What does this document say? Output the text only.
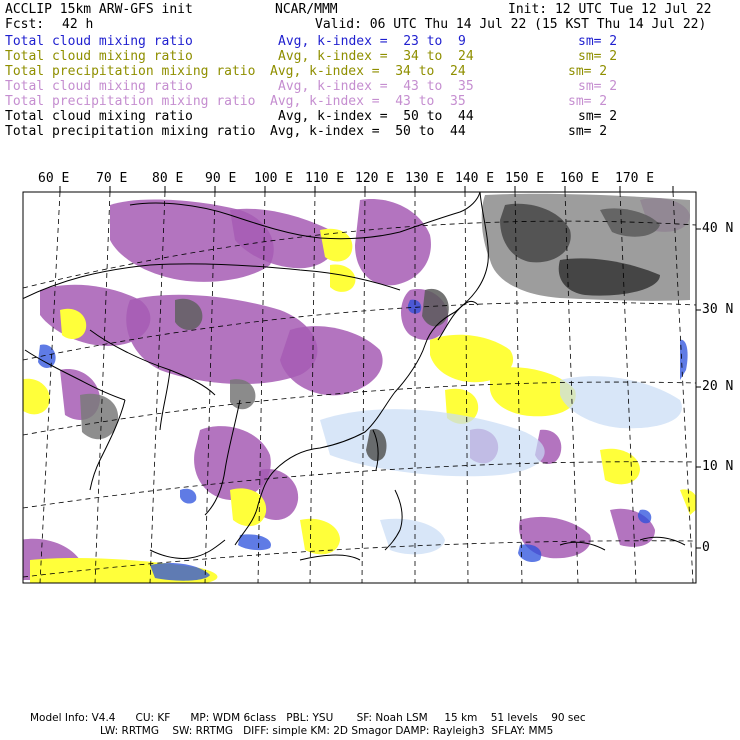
ACCLIP 15km ARW-GFS init	NCAR/MMM	Init: 12 UTC Tue 12 Jul 22
Fcst: 42 h	Valid: 06 UTC Thu 14 Jul 22 (15 KST Thu 14 Jul 22)
Total cloud mixing ratio	Avg, k-index =  23 to  9	sm= 2
Total cloud mixing ratio	Avg, k-index =  34 to  24	sm= 2
Total precipitation mixing ratio Avg, k-index =  34 to  24	sm= 2
Total cloud mixing ratio	Avg, k-index =  43 to  35	sm= 2
Total precipitation mixing ratio Avg, k-index =  43 to  35	sm= 2
Total cloud mixing ratio	Avg, k-index =  50 to  44	sm= 2
Total precipitation mixing ratio Avg, k-index =  50 to  44	sm= 2
60 E 70 E 80 E 90 E 100 E 110 E 120 E 130 E 140 E 150 E 160 E 170 E
40 N
30 N
20 N
10 N
0
Model Info: V4.4      CU: KF      MP: WDM 6class   PBL: YSU       SF: Noah LSM     15 km    51 levels    90 sec
LW: RRTMG    SW: RRTMG   DIFF: simple KM: 2D Smagor DAMP: Rayleigh3  SFLAY: MM5
